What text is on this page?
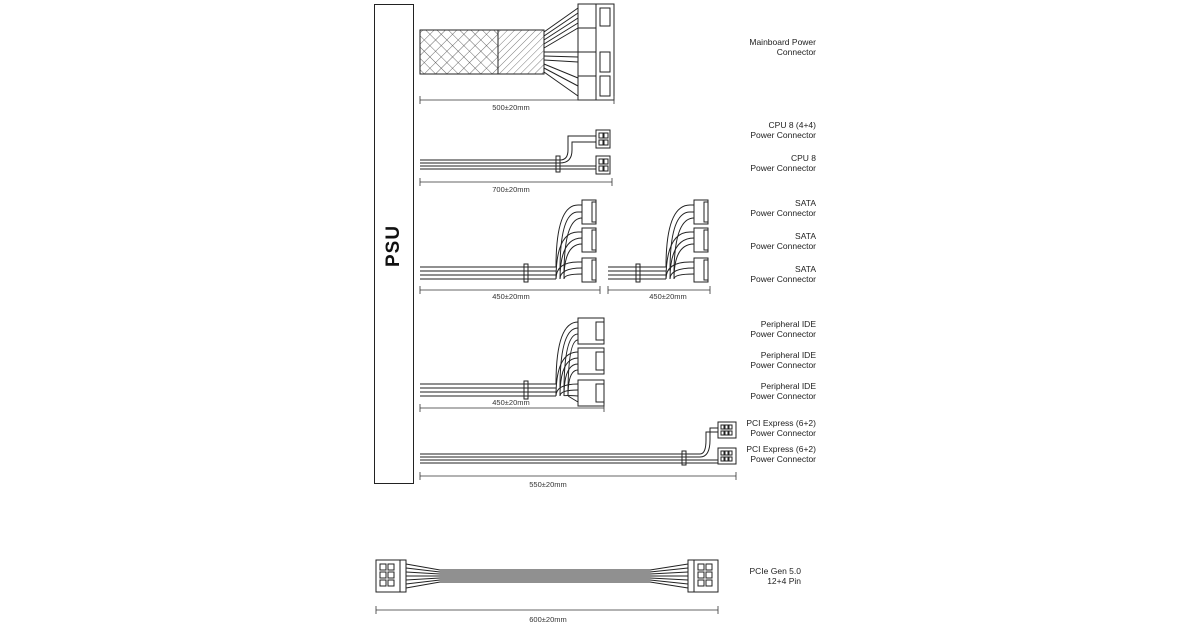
PSU
500±20mm
700±20mm
450±20mm	450±20mm
450±20mm
550±20mm
600±20mm
Mainboard Power
Connector
CPU 8 (4+4)
Power Connector
CPU 8
Power Connector
SATA
Power Connector
SATA
Power Connector
SATA
Power Connector
Peripheral IDE
Power Connector
Peripheral IDE
Power Connector
Peripheral IDE
Power Connector
PCI Express (6+2)
Power Connector
PCI Express (6+2)
Power Connector
PCIe Gen 5.0
12+4 Pin
